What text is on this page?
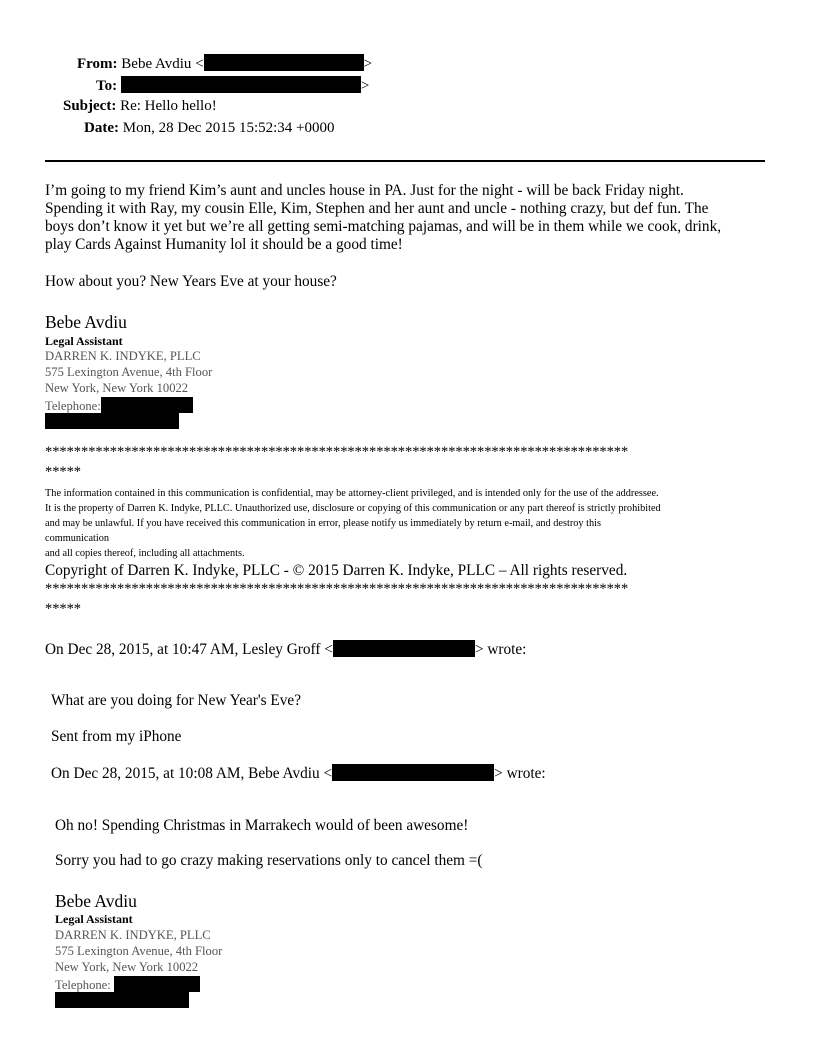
From: Bebe Avdiu <	>
To:	>
Subject: Re: Hello hello!
Date: Mon, 28 Dec 2015 15:52:34 +0000
I’m going to my friend Kim’s aunt and uncles house in PA. Just for the night - will be back Friday night.
Spending it with Ray, my cousin Elle, Kim, Stephen and her aunt and uncle - nothing crazy, but def fun. The
boys don’t know it yet but we’re all getting semi-matching pajamas, and will be in them while we cook, drink,
play Cards Against Humanity lol it should be a good time!
How about you? New Years Eve at your house?
Bebe Avdiu
Legal Assistant
DARREN K. INDYKE, PLLC
575 Lexington Avenue, 4th Floor
New York, New York 10022
Telephone:
*********************************************************************************
*****
The information contained in this communication is confidential, may be attorney-client privileged, and is intended only for the use of the addressee.
It is the property of Darren K. Indyke, PLLC. Unauthorized use, disclosure or copying of this communication or any part thereof is strictly prohibited
and may be unlawful. If you have received this communication in error, please notify us immediately by return e-mail, and destroy this
communication
and all copies thereof, including all attachments.
Copyright of Darren K. Indyke, PLLC - © 2015 Darren K. Indyke, PLLC – All rights reserved.
*********************************************************************************
*****
On Dec 28, 2015, at 10:47 AM, Lesley Groff <	> wrote:
What are you doing for New Year's Eve?
Sent from my iPhone
On Dec 28, 2015, at 10:08 AM, Bebe Avdiu <	> wrote:
Oh no! Spending Christmas in Marrakech would of been awesome!
Sorry you had to go crazy making reservations only to cancel them =(
Bebe Avdiu
Legal Assistant
DARREN K. INDYKE, PLLC
575 Lexington Avenue, 4th Floor
New York, New York 10022
Telephone:
